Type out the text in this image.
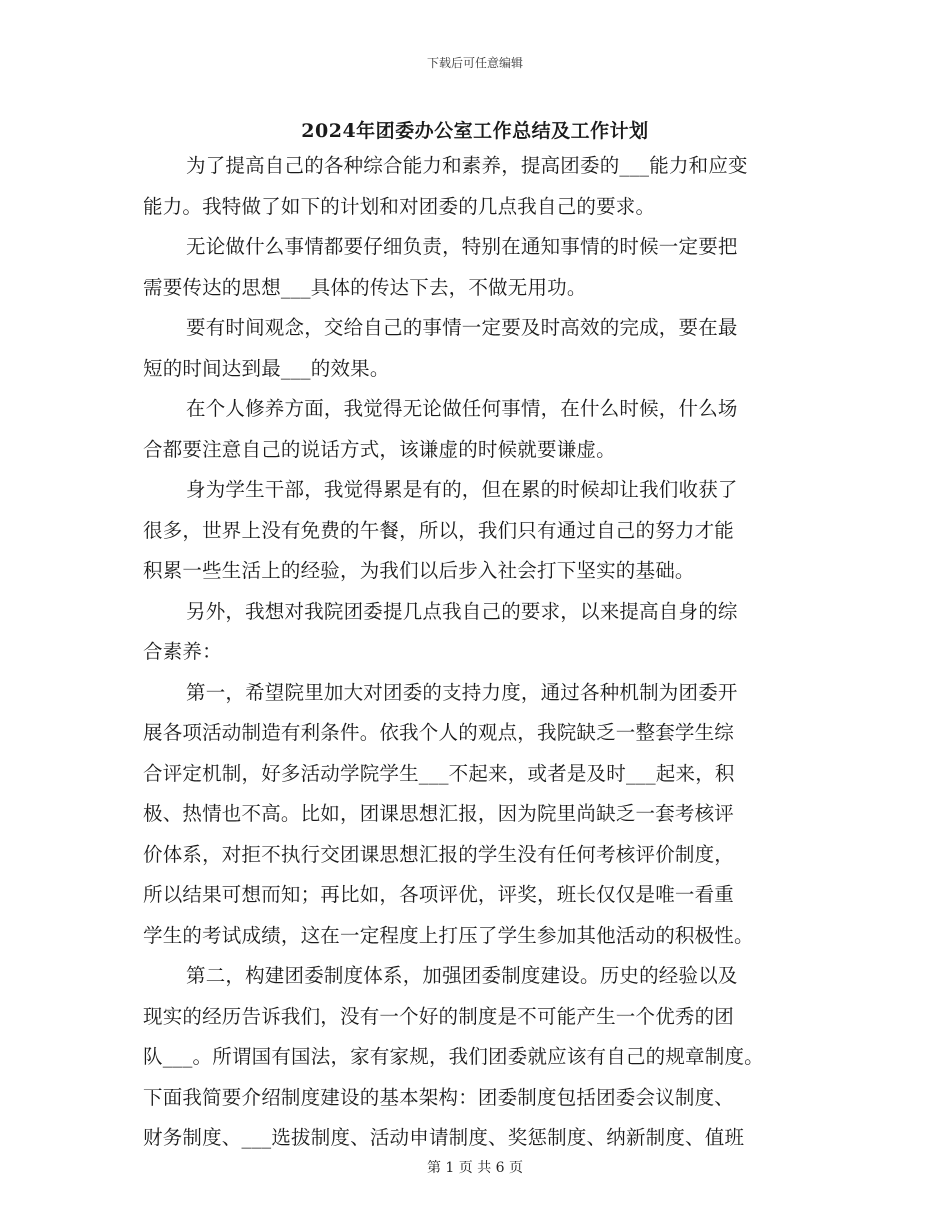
下载后可任意编辑
2024年团委办公室工作总结及工作计划
为了提高自己的各种综合能力和素养，提高团委的___能力和应变
能力。我特做了如下的计划和对团委的几点我自己的要求。
无论做什么事情都要仔细负责，特别在通知事情的时候一定要把
需要传达的思想___具体的传达下去，不做无用功。
要有时间观念，交给自己的事情一定要及时高效的完成，要在最
短的时间达到最___的效果。
在个人修养方面，我觉得无论做任何事情，在什么时候，什么场
合都要注意自己的说话方式，该谦虚的时候就要谦虚。
身为学生干部，我觉得累是有的，但在累的时候却让我们收获了
很多，世界上没有免费的午餐，所以，我们只有通过自己的努力才能
积累一些生活上的经验，为我们以后步入社会打下坚实的基础。
另外，我想对我院团委提几点我自己的要求，以来提高自身的综
合素养：
第一，希望院里加大对团委的支持力度，通过各种机制为团委开
展各项活动制造有利条件。依我个人的观点，我院缺乏一整套学生综
合评定机制，好多活动学院学生___不起来，或者是及时___起来，积
极、热情也不高。比如，团课思想汇报，因为院里尚缺乏一套考核评
价体系，对拒不执行交团课思想汇报的学生没有任何考核评价制度，
所以结果可想而知；再比如，各项评优，评奖，班长仅仅是唯一看重
学生的考试成绩，这在一定程度上打压了学生参加其他活动的积极性。
第二，构建团委制度体系，加强团委制度建设。历史的经验以及
现实的经历告诉我们，没有一个好的制度是不可能产生一个优秀的团
队___。所谓国有国法，家有家规，我们团委就应该有自己的规章制度。
下面我简要介绍制度建设的基本架构：团委制度包括团委会议制度、
财务制度、___选拔制度、活动申请制度、奖惩制度、纳新制度、值班
第 1 页 共 6 页
